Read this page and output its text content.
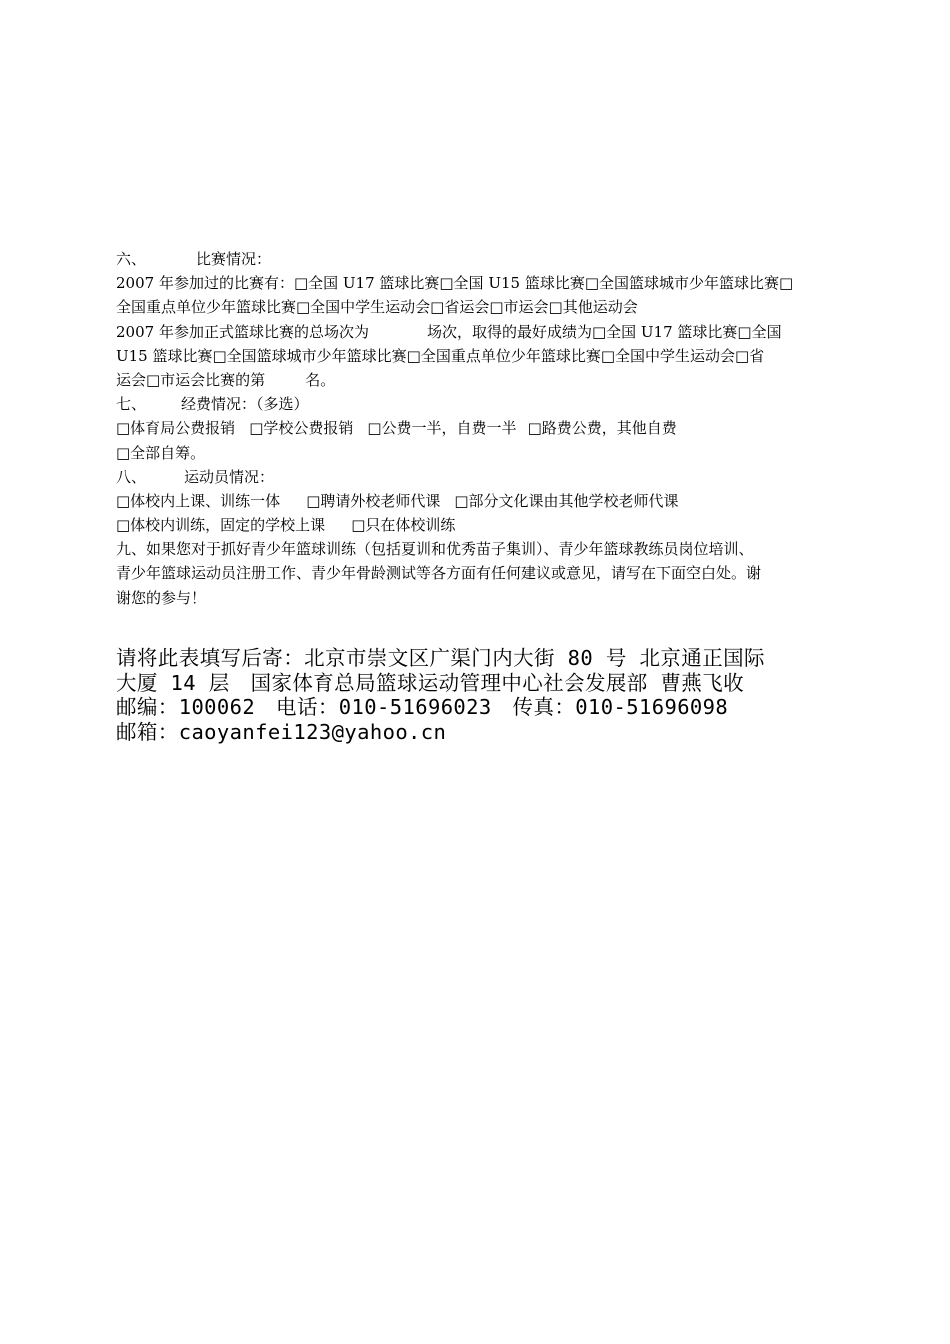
六、	比赛情况：
2007 年参加过的比赛有：□全国 U17 篮球比赛□全国 U15 篮球比赛□全国篮球城市少年篮球比赛□
全国重点单位少年篮球比赛□全国中学生运动会□省运会□市运会□其他运动会
2007 年参加正式篮球比赛的总场次为	场次，取得的最好成绩为□全国 U17 篮球比赛□全国
U15 篮球比赛□全国篮球城市少年篮球比赛□全国重点单位少年篮球比赛□全国中学生运动会□省
运会□市运会比赛的第	名。
七、 经费情况：（多选）
□体育局公费报销 □学校公费报销 □公费一半，自费一半 □路费公费，其他自费
□全部自筹。
八、	运动员情况：
□体校内上课、训练一体 □聘请外校老师代课 □部分文化课由其他学校老师代课
□体校内训练，固定的学校上课 □只在体校训练
九、如果您对于抓好青少年篮球训练（包括夏训和优秀苗子集训）、青少年篮球教练员岗位培训、
青少年篮球运动员注册工作、青少年骨龄测试等各方面有任何建议或意见，请写在下面空白处。谢
谢您的参与！
请将此表填写后寄：北京市崇文区广渠门内大街 80 号 北京通正国际
大厦 14 层　国家体育总局篮球运动管理中心社会发展部 曹燕飞收
邮编：100062　电话：010-51696023　传真：010-51696098
邮箱：caoyanfei123@yahoo.cn
